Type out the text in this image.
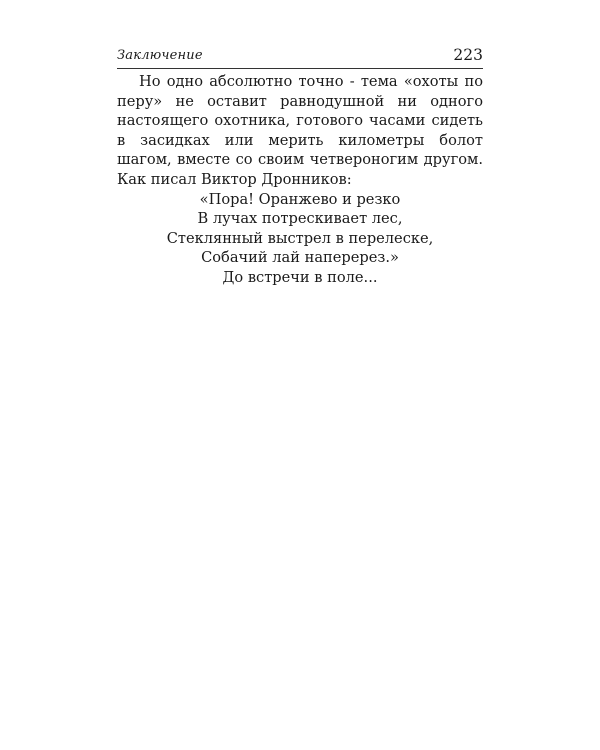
Заключение	223

Но одно абсолютно точно - тема «охоты по перу» не оставит равнодушной ни одного настоящего охотника, готового часами сидеть в засидках или мерить километры болот шагом, вместе со своим четвероногим другом. Как писал Виктор Дронников:

«Пора! Оранжево и резко
В лучах потрескивает лес,
Стеклянный выстрел в перелеске,
Собачий лай наперерез.»
До встречи в поле...
